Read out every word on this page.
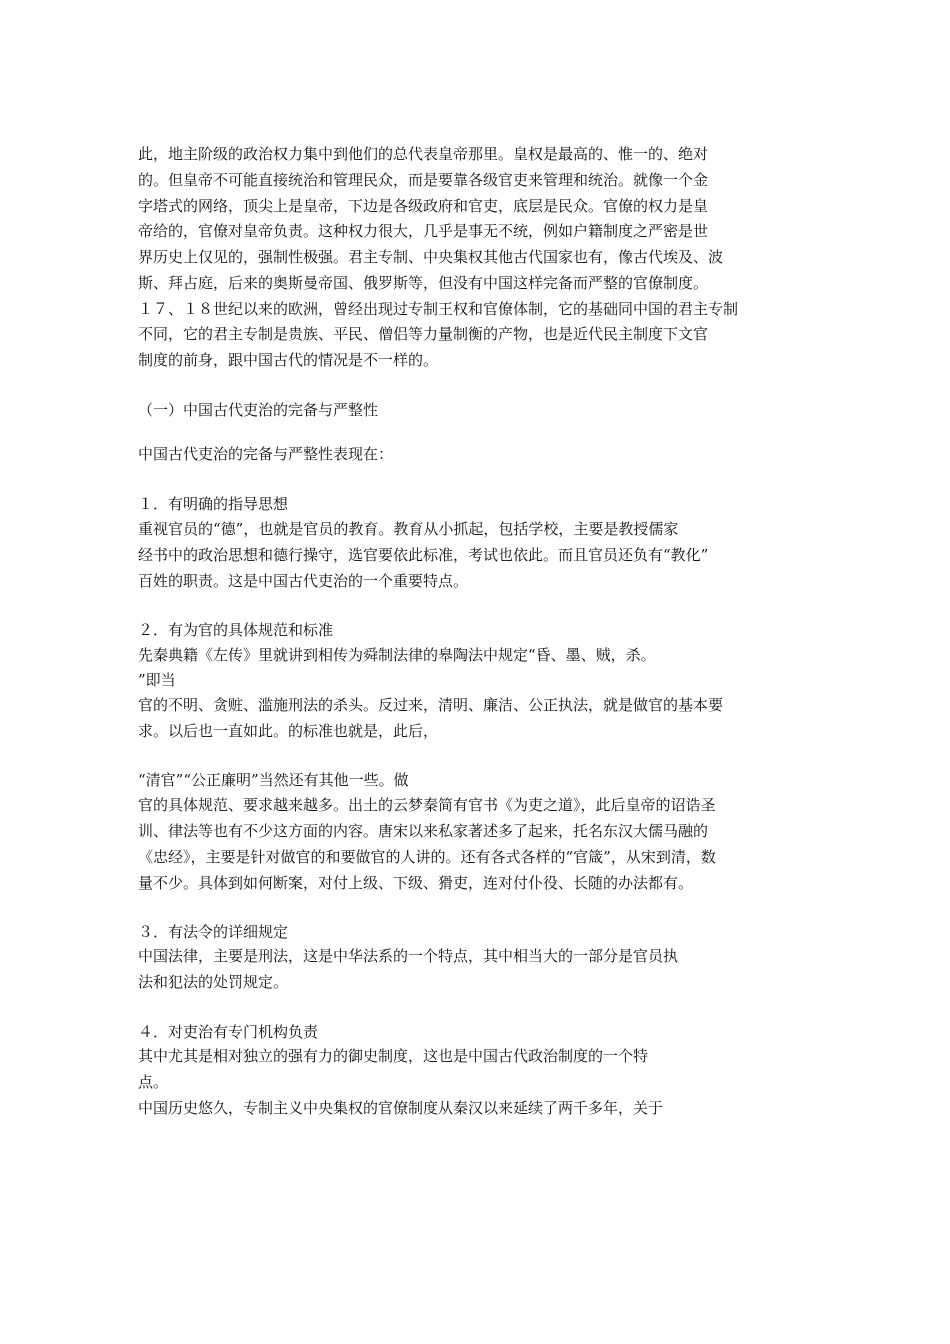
此，地主阶级的政治权力集中到他们的总代表皇帝那里。皇权是最高的、惟一的、绝对
的。但皇帝不可能直接统治和管理民众，而是要靠各级官吏来管理和统治。就像一个金
字塔式的网络，顶尖上是皇帝，下边是各级政府和官吏，底层是民众。官僚的权力是皇
帝给的，官僚对皇帝负责。这种权力很大，几乎是事无不统，例如户籍制度之严密是世
界历史上仅见的，强制性极强。君主专制、中央集权其他古代国家也有，像古代埃及、波
斯、拜占庭，后来的奥斯曼帝国、俄罗斯等，但没有中国这样完备而严整的官僚制度。
１７、１８世纪以来的欧洲，曾经出现过专制王权和官僚体制，它的基础同中国的君主专制
不同，它的君主专制是贵族、平民、僧侣等力量制衡的产物，也是近代民主制度下文官
制度的前身，跟中国古代的情况是不一样的。
（一）中国古代吏治的完备与严整性
中国古代吏治的完备与严整性表现在：
１．有明确的指导思想
重视官员的“德”，也就是官员的教育。教育从小抓起，包括学校，主要是教授儒家
经书中的政治思想和德行操守，选官要依此标准，考试也依此。而且官员还负有“教化”
百姓的职责。这是中国古代吏治的一个重要特点。
２．有为官的具体规范和标准
先秦典籍《左传》里就讲到相传为舜制法律的皋陶法中规定“昏、墨、贼，杀。
”即当
官的不明、贪赃、滥施刑法的杀头。反过来，清明、廉洁、公正执法，就是做官的基本要
求。以后也一直如此。的标准也就是，此后，
“清官”“公正廉明”当然还有其他一些。做
官的具体规范、要求越来越多。出土的云梦秦简有官书《为吏之道》，此后皇帝的诏诰圣
训、律法等也有不少这方面的内容。唐宋以来私家著述多了起来，托名东汉大儒马融的
《忠经》，主要是针对做官的和要做官的人讲的。还有各式各样的“官箴”，从宋到清，数
量不少。具体到如何断案，对付上级、下级、猾吏，连对付仆役、长随的办法都有。
３．有法令的详细规定
中国法律，主要是刑法，这是中华法系的一个特点，其中相当大的一部分是官员执
法和犯法的处罚规定。
４．对吏治有专门机构负责
其中尤其是相对独立的强有力的御史制度，这也是中国古代政治制度的一个特
点。
中国历史悠久，专制主义中央集权的官僚制度从秦汉以来延续了两千多年，关于
